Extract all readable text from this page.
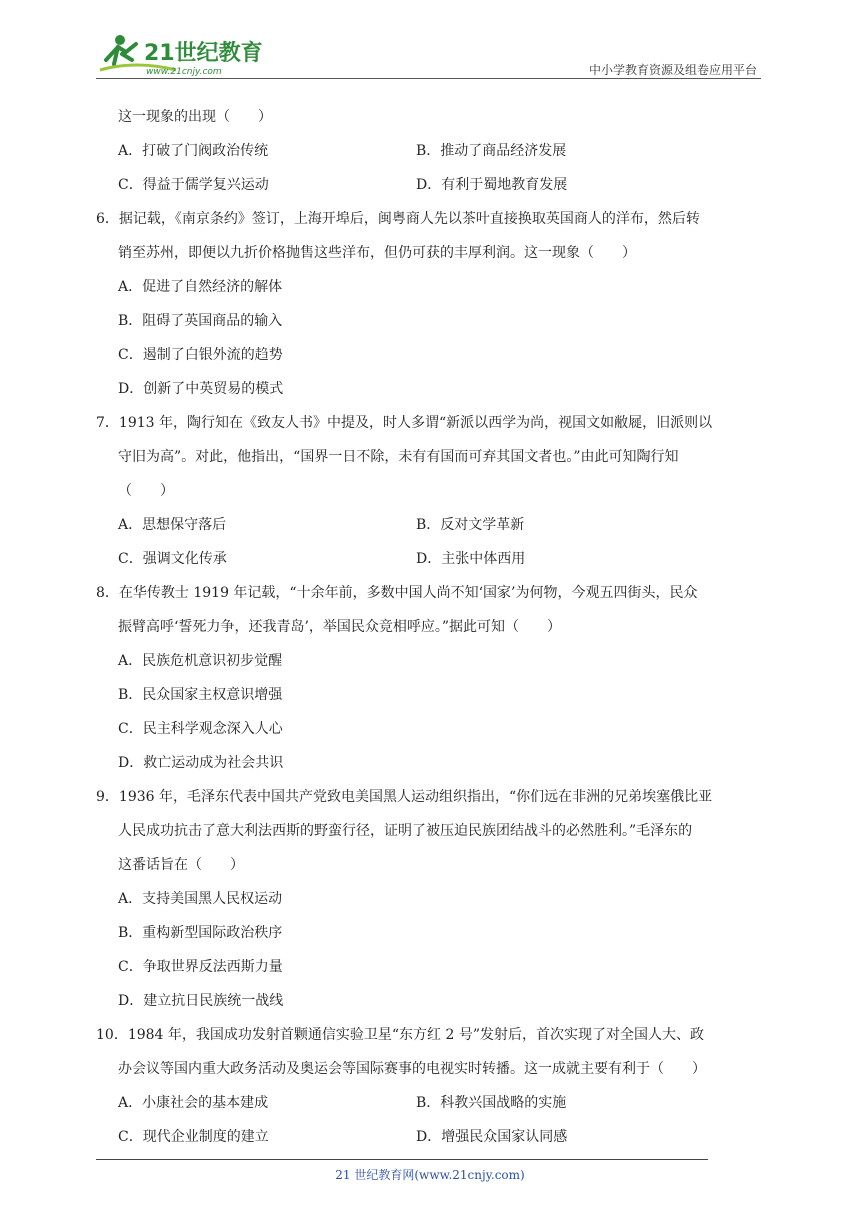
21世纪教育
www.21cnjy.com	中小学教育资源及组卷应用平台
这一现象的出现（　　）
A．打破了门阀政治传统	B．推动了商品经济发展
C．得益于儒学复兴运动	D．有利于蜀地教育发展
6．据记载，《南京条约》签订，上海开埠后，闽粤商人先以茶叶直接换取英国商人的洋布，然后转
销至苏州，即便以九折价格抛售这些洋布，但仍可获的丰厚利润。这一现象（　　）
A．促进了自然经济的解体
B．阻碍了英国商品的输入
C．遏制了白银外流的趋势
D．创新了中英贸易的模式
7．1913 年，陶行知在《致友人书》中提及，时人多谓“新派以西学为尚，视国文如敝屣，旧派则以
守旧为高”。对此，他指出，“国界一日不除，未有有国而可弃其国文者也。”由此可知陶行知
（　　）
A．思想保守落后	B．反对文学革新
C．强调文化传承	D．主张中体西用
8．在华传教士 1919 年记载，“十余年前，多数中国人尚不知‘国家’为何物，今观五四街头，民众
振臂高呼‘誓死力争，还我青岛’，举国民众竞相呼应。”据此可知（　　）
A．民族危机意识初步觉醒
B．民众国家主权意识增强
C．民主科学观念深入人心
D．救亡运动成为社会共识
9．1936 年，毛泽东代表中国共产党致电美国黑人运动组织指出，“你们远在非洲的兄弟埃塞俄比亚
人民成功抗击了意大利法西斯的野蛮行径，证明了被压迫民族团结战斗的必然胜利。”毛泽东的
这番话旨在（　　）
A．支持美国黑人民权运动
B．重构新型国际政治秩序
C．争取世界反法西斯力量
D．建立抗日民族统一战线
10．1984 年，我国成功发射首颗通信实验卫星“东方红 2 号”发射后，首次实现了对全国人大、政
办会议等国内重大政务活动及奥运会等国际赛事的电视实时转播。这一成就主要有利于（　　）
A．小康社会的基本建成	B．科教兴国战略的实施
C．现代企业制度的建立	D．增强民众国家认同感
21 世纪教育网(www.21cnjy.com)
